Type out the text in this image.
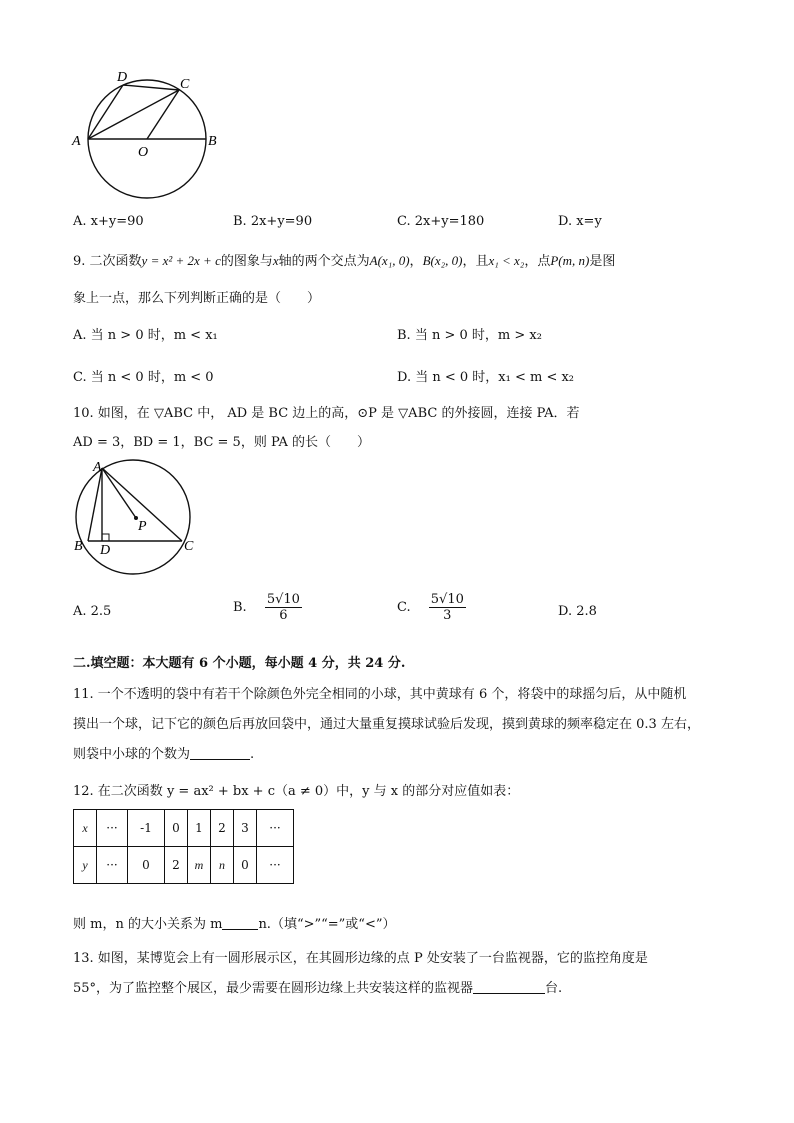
A	B
C
D
O
A. x+y=90	B. 2x+y=90	C. 2x+y=180	D. x=y
9. 二次函数y = x² + 2x + c的图象与x轴的两个交点为A(x₁, 0)，B(x₂, 0)，且x₁ < x₂，点P(m, n)是图
象上一点，那么下列判断正确的是（　　）
A. 当 n > 0 时，m < x₁	B. 当 n > 0 时，m > x₂
C. 当 n < 0 时，m < 0	D. 当 n < 0 时，x₁ < m < x₂
10. 如图，在 ▽ABC 中， AD 是 BC 边上的高，⊙P 是 ▽ABC 的外接圆，连接 PA．若
AD = 3，BD = 1，BC = 5，则 PA 的长（　　）
A
B	C
D
P
A. 2.5	B. $\frac{5√10}{6}$	C. $\frac{5√10}{3}$	D. 2.8
二.填空题：本大题有 6 个小题，每小题 4 分，共 24 分.
11. 一个不透明的袋中有若干个除颜色外完全相同的小球，其中黄球有 6 个，将袋中的球摇匀后，从中随机
摸出一个球，记下它的颜色后再放回袋中，通过大量重复摸球试验后发现，摸到黄球的频率稳定在 0.3 左右，
则袋中小球的个数为	.
12. 在二次函数 y = ax² + bx + c（a ≠ 0）中，y 与 x 的部分对应值如表：
x	···	-1	0	1	2	3	···
y	···	0	2	m	n	0	···
则 m，n 的大小关系为 m	n.（填“>”“=”或“<”）
13. 如图，某博览会上有一圆形展示区，在其圆形边缘的点 P 处安装了一台监视器，它的监控角度是
55°，为了监控整个展区，最少需要在圆形边缘上共安装这样的监视器	台.
